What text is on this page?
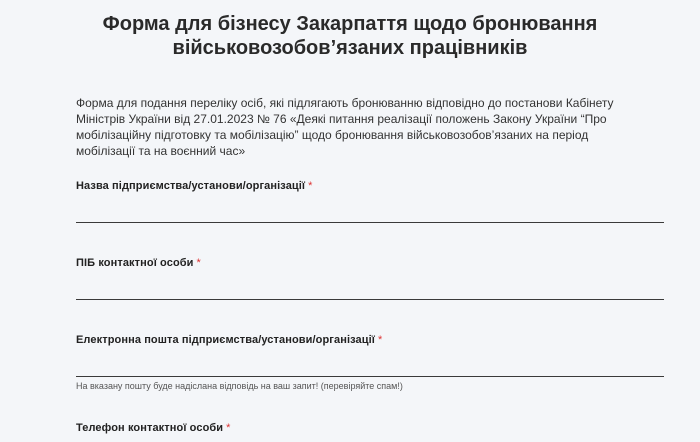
Форма для бізнесу Закарпаття щодо бронювання
військовозобов’язаних працівників

Форма для подання переліку осіб, які підлягають бронюванню відповідно до постанови Кабінету
Міністрів України від 27.01.2023 № 76 «Деякі питання реалізації положень Закону України “Про
мобілізаційну підготовку та мобілізацію” щодо бронювання військовозобов’язаних на період
мобілізації та на воєнний час»

Назва підприємства/установи/організації *
ПІБ контактної особи *
Електронна пошта підприємства/установи/організації *
На вказану пошту буде надіслана відповідь на ваш запит! (перевіряйте спам!)
Телефон контактної особи *
